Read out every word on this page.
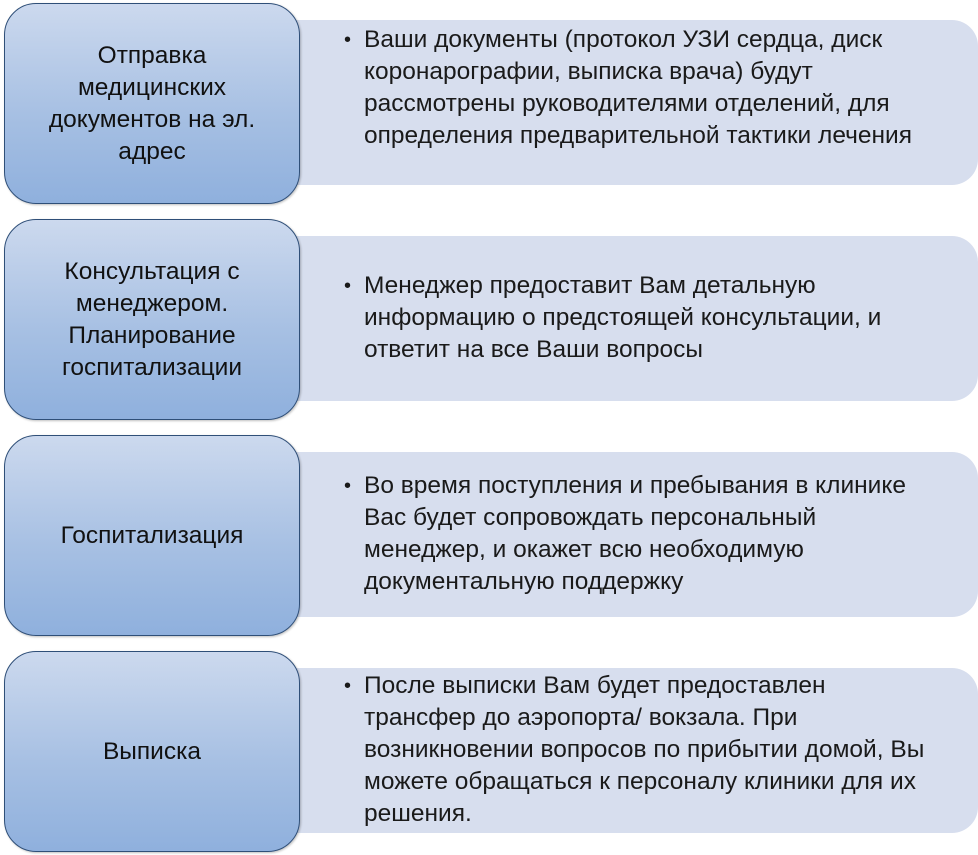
• Ваши документы (протокол УЗИ сердца, диск коронарографии, выписка врача) будут рассмотрены руководителями отделений, для определения предварительной тактики лечения
Отправка медицинских документов на эл. адрес
• Менеджер предоставит Вам детальную информацию о предстоящей консультации, и ответит на все Ваши вопросы
Консультация с менеджером. Планирование госпитализации
• Во время поступления и пребывания в клинике Вас будет сопровождать персональный менеджер, и окажет всю необходимую документальную поддержку
Госпитализация
• После выписки Вам будет предоставлен трансфер до аэропорта/ вокзала. При возникновении вопросов по прибытии домой, Вы можете обращаться к персоналу клиники для их решения.
Выписка
